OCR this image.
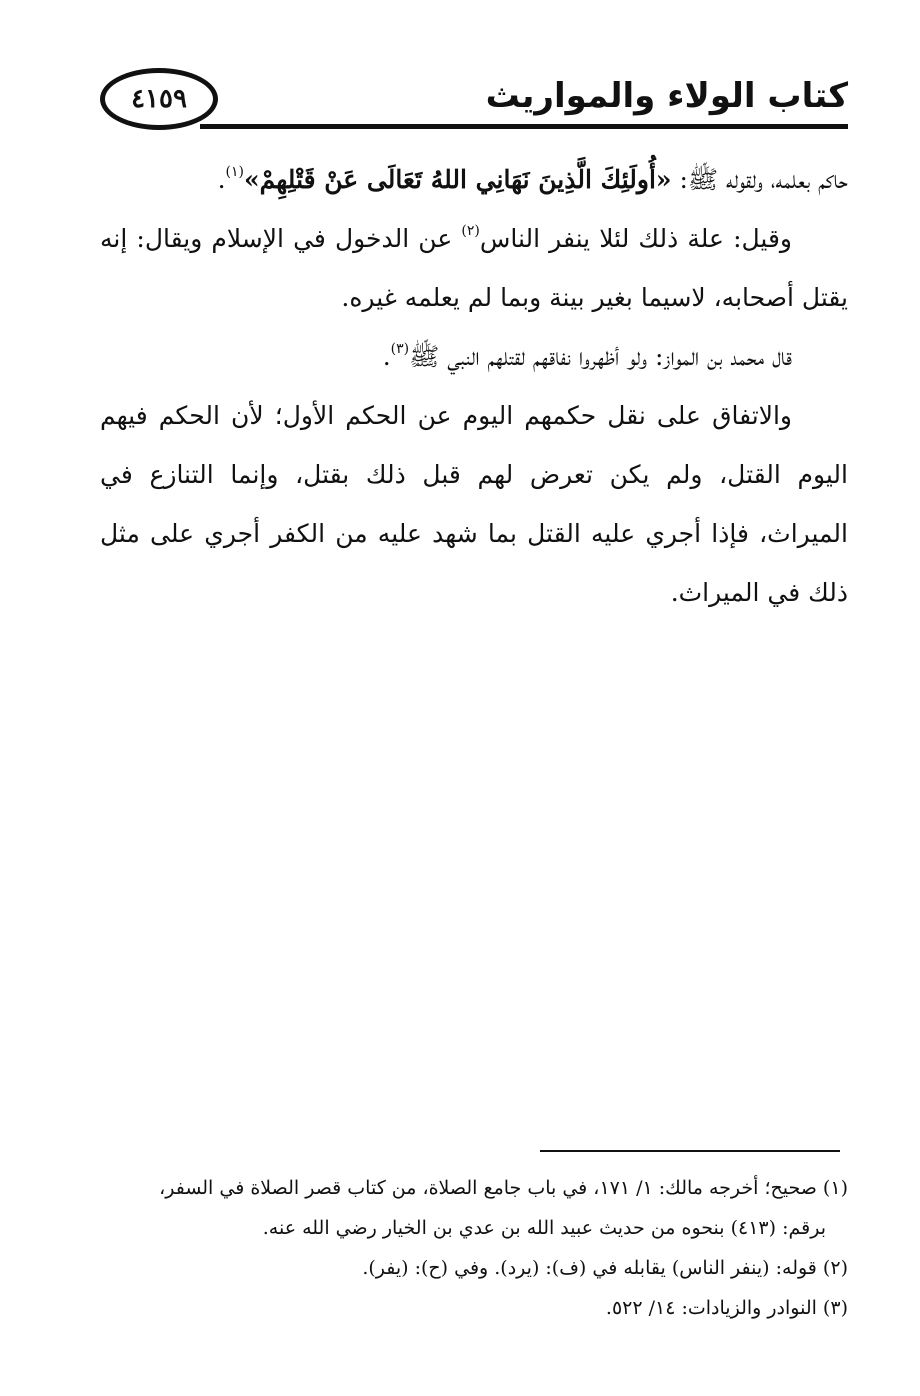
٤١٥٩	كتاب الولاء والمواريث

حاكم بعلمه، ولقوله ﷺ: «أُولَئِكَ الَّذِينَ نَهَانِي اللهُ تَعَالَى عَنْ قَتْلِهِمْ»$^{(١)}$.

وقيل: علة ذلك لئلا ينفر الناس$^{(٢)}$ عن الدخول في الإسلام ويقال: إنه يقتل أصحابه، لاسيما بغير بينة وبما لم يعلمه غيره.

قال محمد بن المواز: ولو أظهروا نفاقهم لقتلهم النبي ﷺ$^{(٣)}$.

والاتفاق على نقل حكمهم اليوم عن الحكم الأول؛ لأن الحكم فيهم اليوم القتل، ولم يكن تعرض لهم قبل ذلك بقتل، وإنما التنازع في الميراث، فإذا أجري عليه القتل بما شهد عليه من الكفر أجري على مثل ذلك في الميراث.

(١) صحيح؛ أخرجه مالك: ١/ ١٧١، في باب جامع الصلاة، من كتاب قصر الصلاة في السفر،

برقم: (٤١٣) بنحوه من حديث عبيد الله بن عدي بن الخيار رضي الله عنه.

(٢) قوله: (ينفر الناس) يقابله في (ف): (يرد). وفي (ح): (يفر).

(٣) النوادر والزيادات: ١٤/ ٥٢٢.
